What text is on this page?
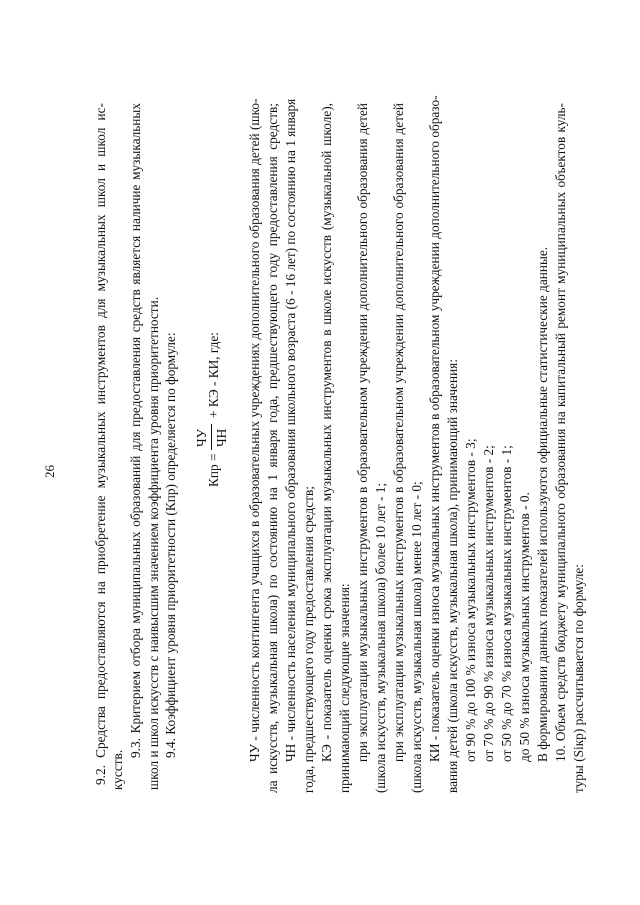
26	9.2. Средства предоставляются на приобретение музыкальных инструментов для музыкальных школ и школ ис- кусств.
9.3. Критерием отбора муниципальных образований для предоставления средств является наличие музыкальных школ и школ искусств с наивысшим значением коэффициента уровня приоритетности. 9.4. Коэффициент уровня приоритетности (Кпр) определяется по формуле: Кпр =
ЧУ ЧН
+ КЭ - КИ, где: ЧУ - численность контингента учащихся в образовательных учреждениях дополнительного образования детей (шко- ла искусств, музыкальная школа) по состоянию на 1 января года, предшествующего году предоставления средств; ЧН - численность населения муниципального образования школьного возраста (6 - 16 лет) по состоянию на 1 января года, предшествующего году предоставления средств; КЭ - показатель оценки срока эксплуатации музыкальных инструментов в школе искусств (музыкальной школе), принимающий следующие значения: при эксплуатации музыкальных инструментов в образовательном учреждении дополнительного образования детей (школа искусств, музыкальная школа) более 10 лет - 1; при эксплуатации музыкальных инструментов в образовательном учреждении дополнительного образования детей (школа искусств, музыкальная школа) менее 10 лет - 0; КИ - показатель оценки износа музыкальных инструментов в образовательном учреждении дополнительного образо- вания детей (школа искусств, музыкальная школа), принимающий значения: от 90 % до 100 % износа музыкальных инструментов - 3; от 70 % до 90 % износа музыкальных инструментов - 2; от 50 % до 70 % износа музыкальных инструментов - 1; до 50 % износа музыкальных инструментов - 0. В формировании данных показателей используются официальные статистические данные. 10. Объем средств бюджету муниципального образования на капитальный ремонт муниципальных объектов куль- туры (Sікр) рассчитывается по формуле:
